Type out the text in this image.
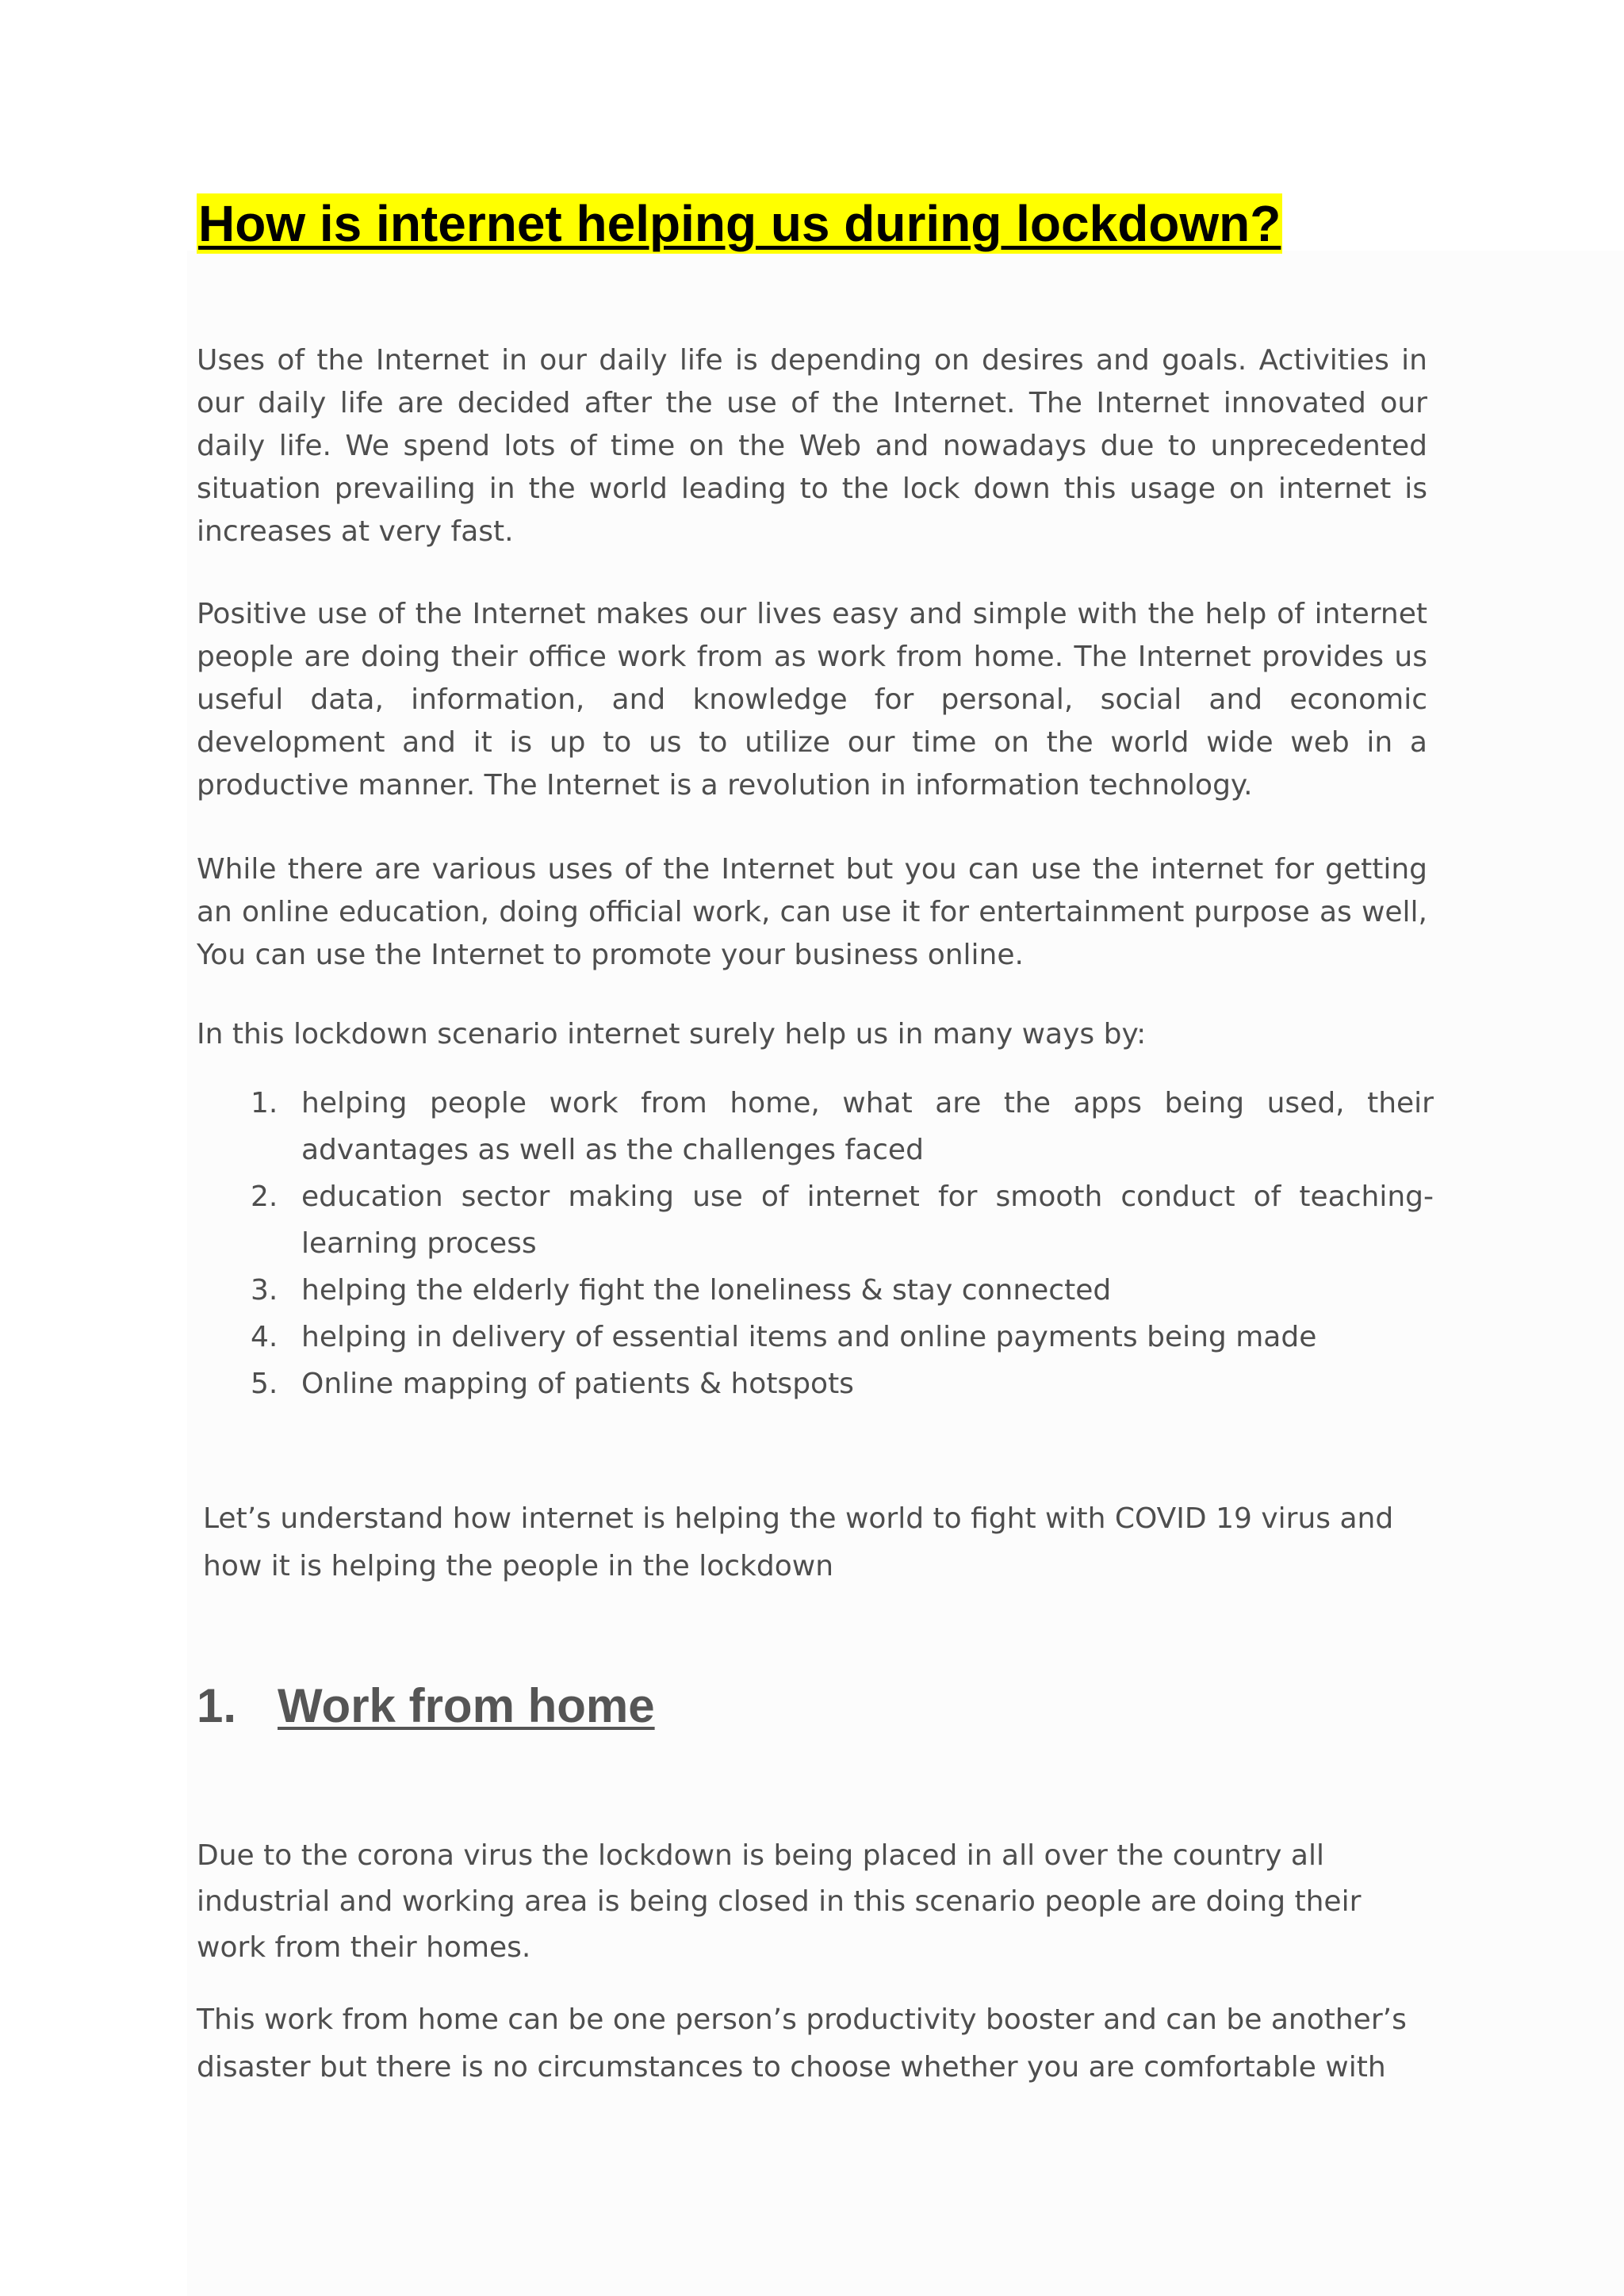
How is internet helping us during lockdown?

Uses of the Internet in our daily life is depending on desires and goals. Activities in our daily life are decided after the use of the Internet. The Internet innovated our daily life. We spend lots of time on the Web and nowadays due to unprecedented situation prevailing in the world leading to the lock down this usage on internet is increases at very fast.

Positive use of the Internet makes our lives easy and simple with the help of internet people are doing their office work from as work from home. The Internet provides us useful data, information, and knowledge for personal, social and economic development and it is up to us to utilize our time on the world wide web in a productive manner. The Internet is a revolution in information technology.

While there are various uses of the Internet but you can use the internet for getting an online education, doing official work, can use it for entertainment purpose as well, You can use the Internet to promote your business online.

In this lockdown scenario internet surely help us in many ways by:

1. helping people work from home, what are the apps being used, their advantages as well as the challenges faced
2. education sector making use of internet for smooth conduct of teaching-learning process
3. helping the elderly fight the loneliness & stay connected
4. helping in delivery of essential items and online payments being made
5. Online mapping of patients & hotspots

Let’s understand how internet is helping the world to fight with COVID 19 virus and how it is helping the people in the lockdown

1. Work from home

Due to the corona virus the lockdown is being placed in all over the country all industrial and working area is being closed in this scenario people are doing their work from their homes.

This work from home can be one person’s productivity booster and can be another’s disaster but there is no circumstances to choose whether you are comfortable with
